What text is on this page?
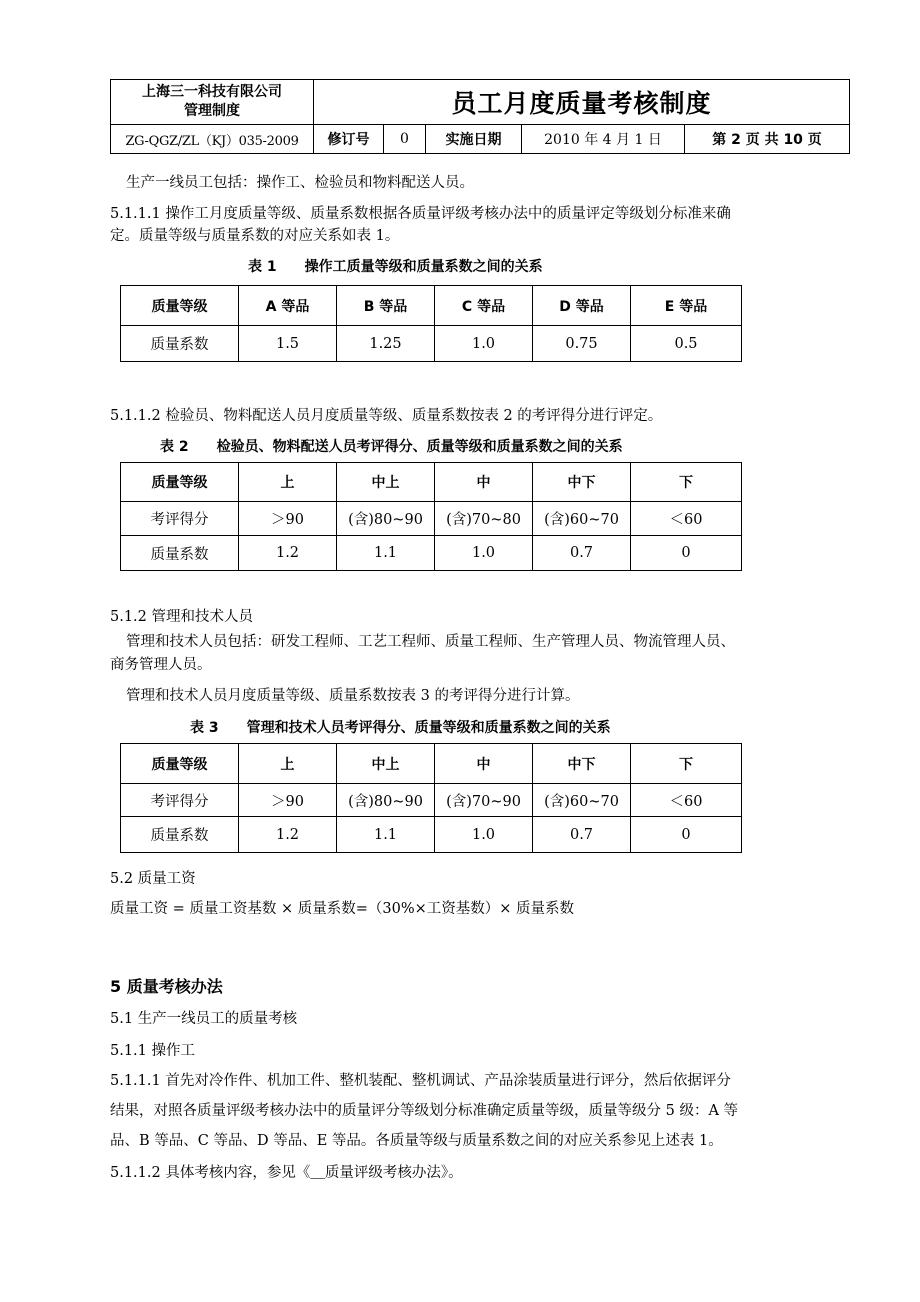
上海三一科技有限公司
管理制度	员工月度质量考核制度				
ZG-QGZ/ZL（KJ）035-2009	修订号	0	实施日期	2010 年 4 月 1 日	第 2 页 共 10 页
生产一线员工包括：操作工、检验员和物料配送人员。
5.1.1.1 操作工月度质量等级、质量系数根据各质量评级考核办法中的质量评定等级划分标准来确
定。质量等级与质量系数的对应关系如表 1。
表 1　　操作工质量等级和质量系数之间的关系
质量等级	A 等品	B 等品	C 等品	D 等品	E 等品
质量系数	1.5	1.25	1.0	0.75	0.5
5.1.1.2 检验员、物料配送人员月度质量等级、质量系数按表 2 的考评得分进行评定。
表 2　　检验员、物料配送人员考评得分、质量等级和质量系数之间的关系
质量等级	上	中上	中	中下	下
考评得分	＞90	(含)80~90	(含)70~80	(含)60~70	＜60
质量系数	1.2	1.1	1.0	0.7	0
5.1.2 管理和技术人员
管理和技术人员包括：研发工程师、工艺工程师、质量工程师、生产管理人员、物流管理人员、
商务管理人员。
管理和技术人员月度质量等级、质量系数按表 3 的考评得分进行计算。
表 3　　管理和技术人员考评得分、质量等级和质量系数之间的关系
质量等级	上	中上	中	中下	下
考评得分	＞90	(含)80~90	(含)70~90	(含)60~70	＜60
质量系数	1.2	1.1	1.0	0.7	0
5.2 质量工资
质量工资 = 质量工资基数 × 质量系数=（30%×工资基数）× 质量系数
5 质量考核办法
5.1 生产一线员工的质量考核
5.1.1 操作工
5.1.1.1 首先对冷作件、机加工件、整机装配、整机调试、产品涂装质量进行评分，然后依据评分
结果，对照各质量评级考核办法中的质量评分等级划分标准确定质量等级，质量等级分 5 级：A 等
品、B 等品、C 等品、D 等品、E 等品。各质量等级与质量系数之间的对应关系参见上述表 1。
5.1.1.2 具体考核内容，参见《＿质量评级考核办法》。
